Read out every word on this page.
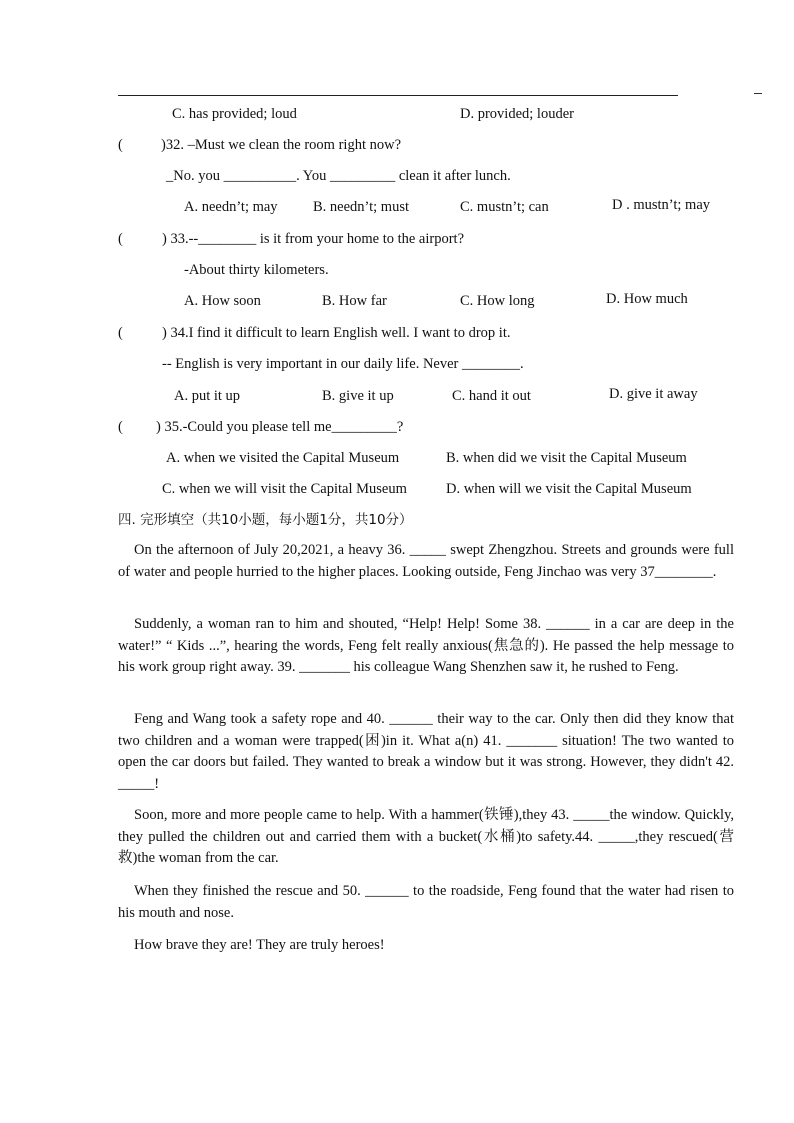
C. has provided; loud	D. provided; louder
(	)32. –Must we clean the room right now?
_No. you __________. You _________ clean it after lunch.
A. needn’t; may B. needn’t; must	C. mustn’t; can	D . mustn’t; may
(	) 33.--________ is it from your home to the airport?
-About thirty kilometers.
A. How soon	B. How far	C. How long	D. How much
(	) 34.I find it difficult to learn English well. I want to drop it.
-- English is very important in our daily life. Never ________.
A. put it up	B. give it up	C. hand it out	D. give it away
( ) 35.-Could you please tell me_________?
A. when we visited the Capital Museum	B. when did we visit the Capital Museum
C. when we will visit the Capital Museum	D. when will we visit the Capital Museum
四. 完形填空（共10小题，每小题1分，共10分）
On the afternoon of July 20,2021, a heavy 36. _____ swept Zhengzhou. Streets and grounds were full of water and people hurried to the higher places. Looking outside, Feng Jinchao was very 37________.
Suddenly, a woman ran to him and shouted, “Help! Help! Some 38. ______ in a car are deep in the water!” “ Kids ...”, hearing the words, Feng felt really anxious(焦急的). He passed the help message to his work group right away. 39. _______ his colleague Wang Shenzhen saw it, he rushed to Feng.
Feng and Wang took a safety rope and 40. ______ their way to the car. Only then did they know that two children and a woman were trapped(困)in it. What a(n) 41. _______ situation! The two wanted to open the car doors but failed. They wanted to break a window but it was strong. However, they didn't 42. _____!
Soon, more and more people came to help. With a hammer(铁锤),they 43. _____the window. Quickly, they pulled the children out and carried them with a bucket(水桶)to safety.44. _____,they rescued(营救)the woman from the car.
When they finished the rescue and 50. ______ to the roadside, Feng found that the water had risen to his mouth and nose.
How brave they are! They are truly heroes!
